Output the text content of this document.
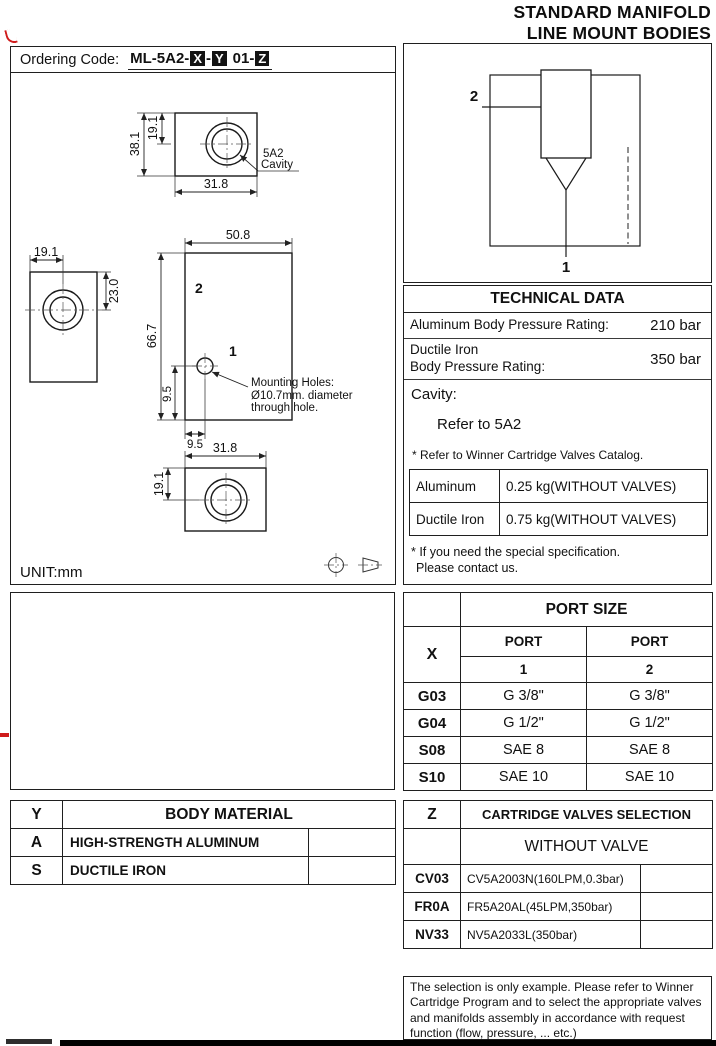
STANDARD MANIFOLD
LINE MOUNT BODIES
Ordering Code: ML-5A2- X - Y 01- Z
38.1
19.1
31.8
5A2
Cavity
19.1
23.0	2
1
50.8
66.7
9.5
9.5
Mounting Holes:
Ø10.7mm. diameter
through hole.
31.8
19.1
UNIT:mm
2
1
TECHNICAL DATA
Aluminum Body Pressure Rating:	210 bar
Ductile Iron
Body Pressure Rating:	350 bar
Cavity:
Refer to 5A2
* Refer to Winner Cartridge Valves Catalog.
Aluminum	0.25 kg(WITHOUT VALVES)
Ductile Iron	0.75 kg(WITHOUT VALVES)
* If you need the special specification.
Please contact us.
	PORT SIZE	
X	PORT	PORT
	1	2
G03	G 3/8"	G 3/8"
G04	G 1/2"	G 1/2"
S08	SAE 8	SAE 8
S10	SAE 10	SAE 10
Y	BODY MATERIAL	
A	HIGH-STRENGTH ALUMINUM	
S	DUCTILE IRON	
Z	CARTRIDGE VALVES SELECTION	
	WITHOUT VALVE	
CV03	CV5A2003N(160LPM,0.3bar)	
FR0A	FR5A20AL(45LPM,350bar)	
NV33	NV5A2033L(350bar)	
The selection is only example. Please refer to Winner Cartridge Program and to select the appropriate valves and manifolds assembly in accordance with request function (flow, pressure, ... etc.)
